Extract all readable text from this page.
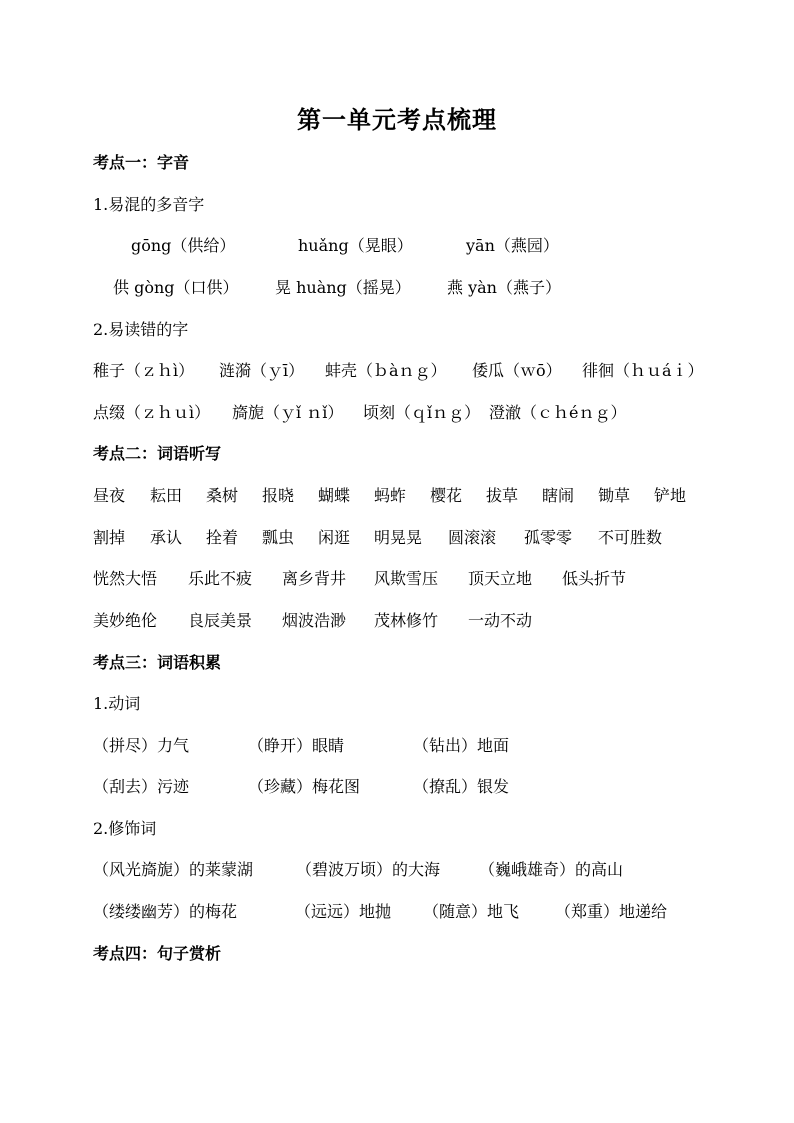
第一单元考点梳理
考点一：字音
1.易混的多音字
gōng（供给）	huǎng（晃眼）	yān（燕园）
供 gòng（口供） 晃 huàng（摇晃） 燕 yàn（燕子）
2.易读错的字
稚子（ｚｈì） 涟漪（ｙī） 蚌壳（ｂàｎｇ） 倭瓜（ｗō） 徘徊（ｈｕáｉ）
点缀（ｚｈｕì） 旖旎（ｙǐ ｎǐ） 顷刻（ｑǐｎｇ） 澄澈（ｃｈéｎｇ）
考点二：词语听写
昼夜 耘田 桑树 报晓 蝴蝶 蚂蚱 樱花 拔草 瞎闹 锄草 铲地
割掉 承认 拴着 瓢虫 闲逛 明晃晃 圆滚滚 孤零零 不可胜数
恍然大悟 乐此不疲 离乡背井 风欺雪压 顶天立地 低头折节
美妙绝伦 良辰美景 烟波浩渺 茂林修竹 一动不动
考点三：词语积累
1.动词
（拼尽）力气	（睁开）眼睛	（钻出）地面
（刮去）污迹	（珍藏）梅花图	（撩乱）银发
2.修饰词
（风光旖旎）的莱蒙湖	（碧波万顷）的大海 （巍峨雄奇）的高山
（缕缕幽芳）的梅花	（远远）地抛 （随意）地飞 （郑重）地递给
考点四：句子赏析
